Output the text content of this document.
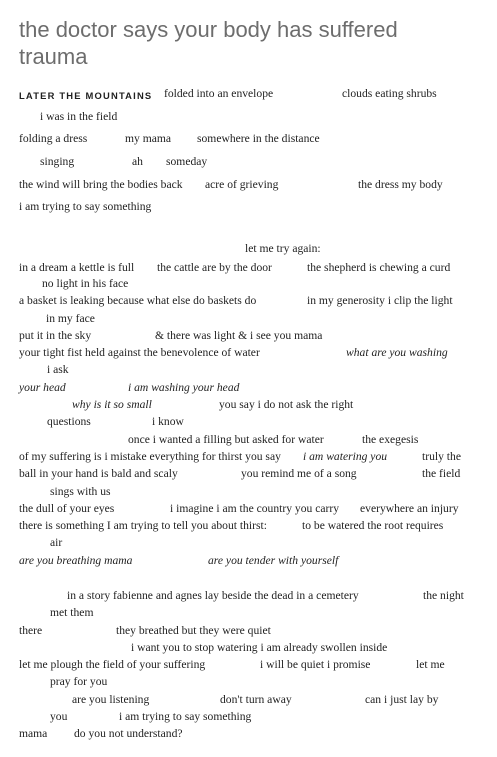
the doctor says your body has suffered trauma
LATER THE MOUNTAINS folded into an envelope	clouds eating shrubs
i was in the field
folding a dress	my mama somewhere in the distance
singing	ah someday
the wind will bring the bodies back acre of grieving	the dress my body
i am trying to say something
let me try again:
in a dream a kettle is full the cattle are by the door	the shepherd is chewing a curd
no light in his face
a basket is leaking because what else do baskets do	in my generosity i clip the light
in my face
put it in the sky	& there was light & i see you mama
your tight fist held against the benevolence of water	what are you washing
i ask
your head	i am washing your head
why is it so small	you say i do not ask the right
questions	i know
once i wanted a filling but asked for water	the exegesis
of my suffering is i mistake everything for thirst you say i am watering you	truly the
ball in your hand is bald and scaly	you remind me of a song	the field
sings with us
the dull of your eyes	i imagine i am the country you carry everywhere an injury
there is something I am trying to tell you about thirst:	to be watered the root requires
air
are you breathing mama	are you tender with yourself
in a story fabienne and agnes lay beside the dead in a cemetery	the night
met them
there	they breathed but they were quiet
i want you to stop watering i am already swollen inside
let me plough the field of your suffering	i will be quiet i promise	let me
pray for you
are you listening	don't turn away	can i just lay by
you	i am trying to say something
mama do you not understand?
